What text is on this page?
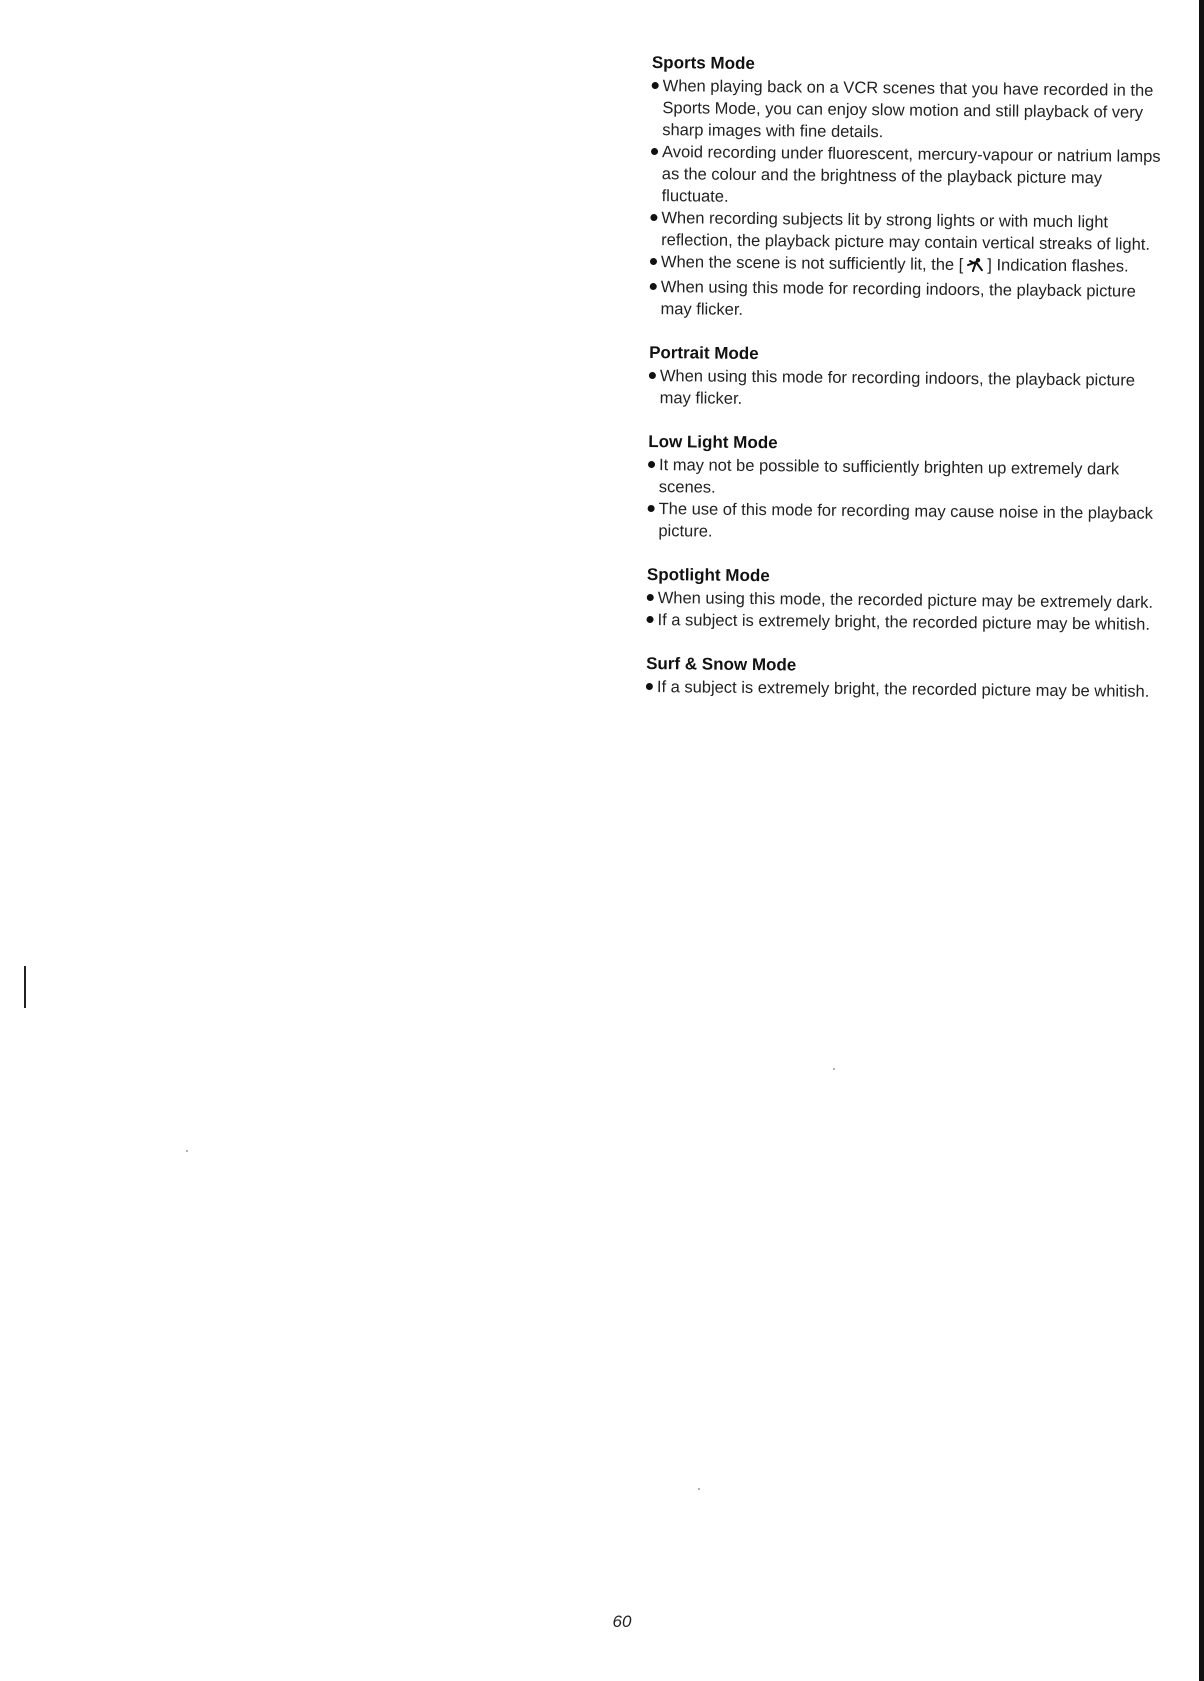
Sports Mode
When playing back on a VCR scenes that you have recorded in the Sports Mode, you can enjoy slow motion and still playback of very sharp images with fine details.
Avoid recording under fluorescent, mercury-vapour or natrium lamps as the colour and the brightness of the playback picture may fluctuate.
When recording subjects lit by strong lights or with much light reflection, the playback picture may contain vertical streaks of light.
When the scene is not sufficiently lit, the [ ] Indication flashes.
When using this mode for recording indoors, the playback picture may flicker.
Portrait Mode
When using this mode for recording indoors, the playback picture may flicker.
Low Light Mode
It may not be possible to sufficiently brighten up extremely dark scenes.
The use of this mode for recording may cause noise in the playback picture.
Spotlight Mode
When using this mode, the recorded picture may be extremely dark.
If a subject is extremely bright, the recorded picture may be whitish.
Surf & Snow Mode
If a subject is extremely bright, the recorded picture may be whitish.
60
